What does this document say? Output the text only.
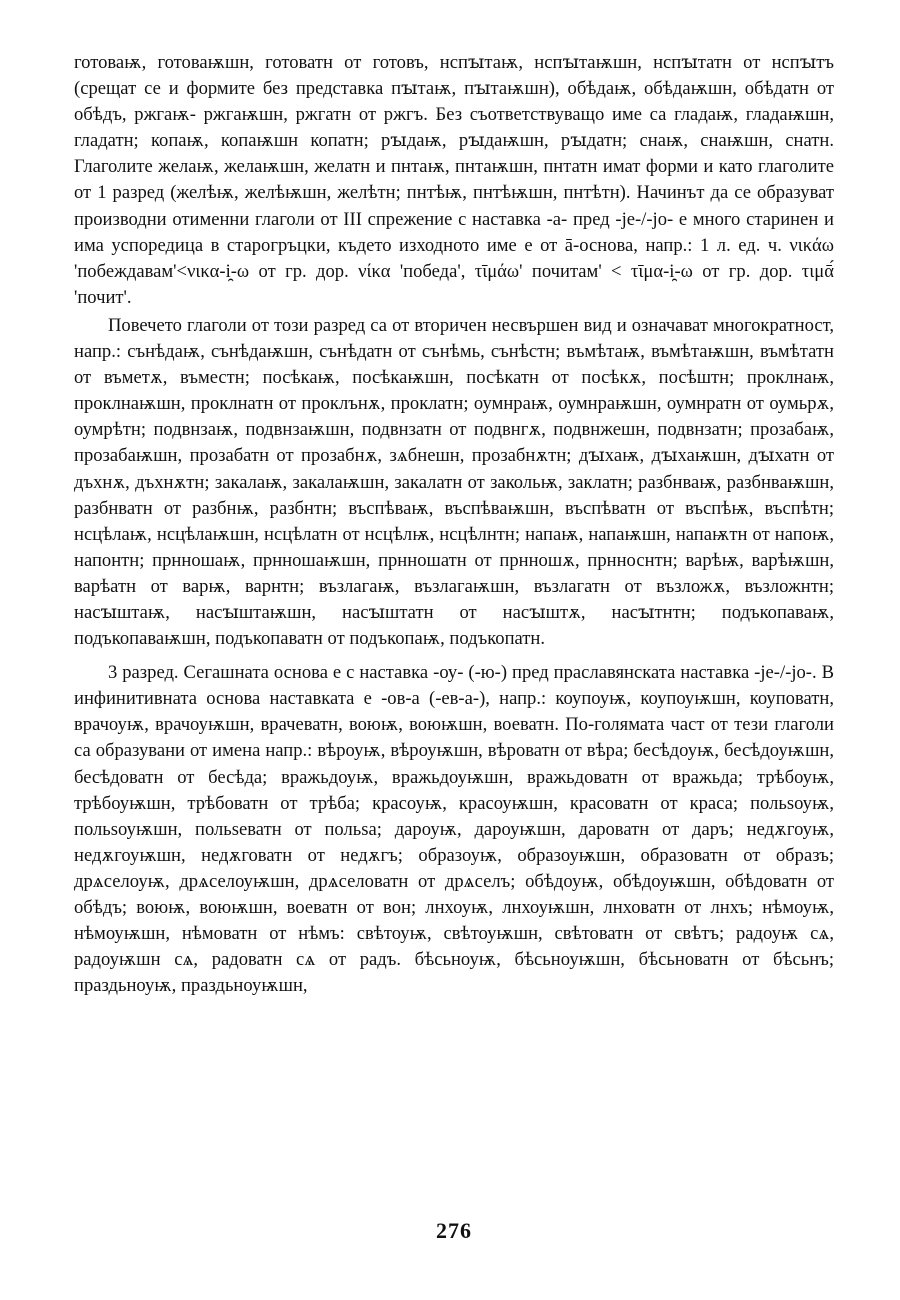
готоваѭ, готоваѭшн, готоватн от готовъ, нспꙑтаѭ, нспꙑтаѭшн, нспꙑтатн от нспꙑтъ (срещат се и формите без представка пꙑтаѭ, пꙑтаѭшн), обѣдаѭ, обѣдаѭшн, обѣдатн от обѣдъ, ржгаѭ- ржгаѭшн, ржгатн от ржгъ. Без съответствуващо име са гладаѭ, гладаѭшн, гладатн; копаѭ, копаѭшн копатн; рꙑдаѭ, рꙑдаѭшн, рꙑдатн; снаѭ, снаѭшн, снатн. Глаголите желаѭ, желаѭшн, желатн и пнтаѭ, пнтаѭшн, пнтатн имат форми и като глаголите от 1 разред (желѣѭ, желѣѭшн, желѣтн; пнтѣѭ, пнтѣѭшн, пнтѣтн). Начинът да се образуват производни отименни глаголи от III спрежение с наставка -а- пред -je-/-jo- е много старинен и има успоредица в старогръцки, където изходното име е от ā-основа, напр.: 1 л. ед. ч. νικάω 'побеждавам'<νικα-i̯-ω от гр. дор. νίκα 'победа', τῑμάω' почитам' < τῑμα-i̯-ω от гр. дор. τιμᾱ́ 'почит'.

Повечето глаголи от този разред са от вторичен несвършен вид и означават многократност, напр.: сънѣдаѭ, сънѣдаѭшн, сънѣдатн от сънѣмь, сънѣстн; въмѣтаѭ, въмѣтаѭшн, въмѣтатн от въметѫ, въместн; посѣкаѭ, посѣкаѭшн, посѣкатн от посѣкѫ, посѣштн; проклнаѭ, проклнаѭшн, проклнатн от проклънѫ, проклатн; оумнраѭ, оумнраѭшн, оумнратн от оумьрѫ, оумрѣтн; подвнзаѭ, подвнзаѭшн, подвнзатн от подвнгѫ, подвнжешн, подвнзатн; прозабаѭ, прозабаѭшн, прозабатн от прозабнѫ, зѧбнешн, прозабнѫтн; дꙑхаѭ, дꙑхаѭшн, дꙑхатн от дъхнѫ, дъхнѫтн; закалаѭ, закалаѭшн, закалатн от закольѭ, заклатн; разбнваѭ, разбнваѭшн, разбнватн от разбнѭ, разбнтн; въспѣваѭ, въспѣваѭшн, въспѣватн от въспѣѭ, въспѣтн; нсцѣлаѭ, нсцѣлаѭшн, нсцѣлатн от нсцѣлѭ, нсцѣлнтн; напаѭ, напаѭшн, напаѭтн от напоѭ, напонтн; прнношаѭ, прнношаѭшн, прнношатн от прнношѫ, прнноснтн; варѣѭ, варѣѭшн, варѣатн от варѭ, варнтн; възлагаѭ, възлагаѭшн, възлагатн от възложѫ, възложнтн; насꙑштаѭ, насꙑштаѭшн, насꙑштатн от насꙑштѫ, насꙑтнтн; подъкопаваѭ, подъкопаваѭшн, подъкопаватн от подъкопаѭ, подъкопатн.

3 разред. Сегашната основа е с наставка -оу- (-ю-) пред праславянската наставка -je-/-jo-. В инфинитивната основа наставката е -ов-а (-ев-а-), напр.: коупоуѭ, коупоуѭшн, коуповатн, врачоуѭ, врачоуѭшн, врачеватн, воюѭ, воюѭшн, воеватн. По-голямата част от тези глаголи са образувани от имена напр.: вѣроуѭ, вѣроуѭшн, вѣроватн от вѣра; бесѣдоуѭ, бесѣдоуѭшн, бесѣдоватн от бесѣда; вражьдоуѭ, вражьдоуѭшн, вражьдоватн от вражьда; трѣбоуѭ, трѣбоуѭшн, трѣбоватн от трѣба; красоуѭ, красоуѭшн, красоватн от краса; польѕоуѭ, польѕоуѭшн, польѕеватн от польѕа; дароуѭ, дароуѭшн, дароватн от даръ; недѫгоуѭ, недѫгоуѭшн, недѫговатн от недѫгъ; образоуѭ, образоуѭшн, образоватн от образъ; дрѧселоуѭ, дрѧселоуѭшн, дрѧселоватн от дрѧселъ; обѣдоуѭ, обѣдоуѭшн, обѣдоватн от обѣдъ; воюѭ, воюѭшн, воеватн от вон; лнхоуѭ, лнхоуѭшн, лнховатн от лнхъ; нѣмоуѭ, нѣмоуѭшн, нѣмоватн от нѣмъ: свѣтоуѭ, свѣтоуѭшн, свѣтоватн от свѣтъ; радоуѭ сѧ, радоуѭшн сѧ, радоватн сѧ от радъ. бѣсьноуѭ, бѣсьноуѭшн, бѣсьноватн от бѣсьнъ; праздьноуѭ, праздьноуѭшн,

276
